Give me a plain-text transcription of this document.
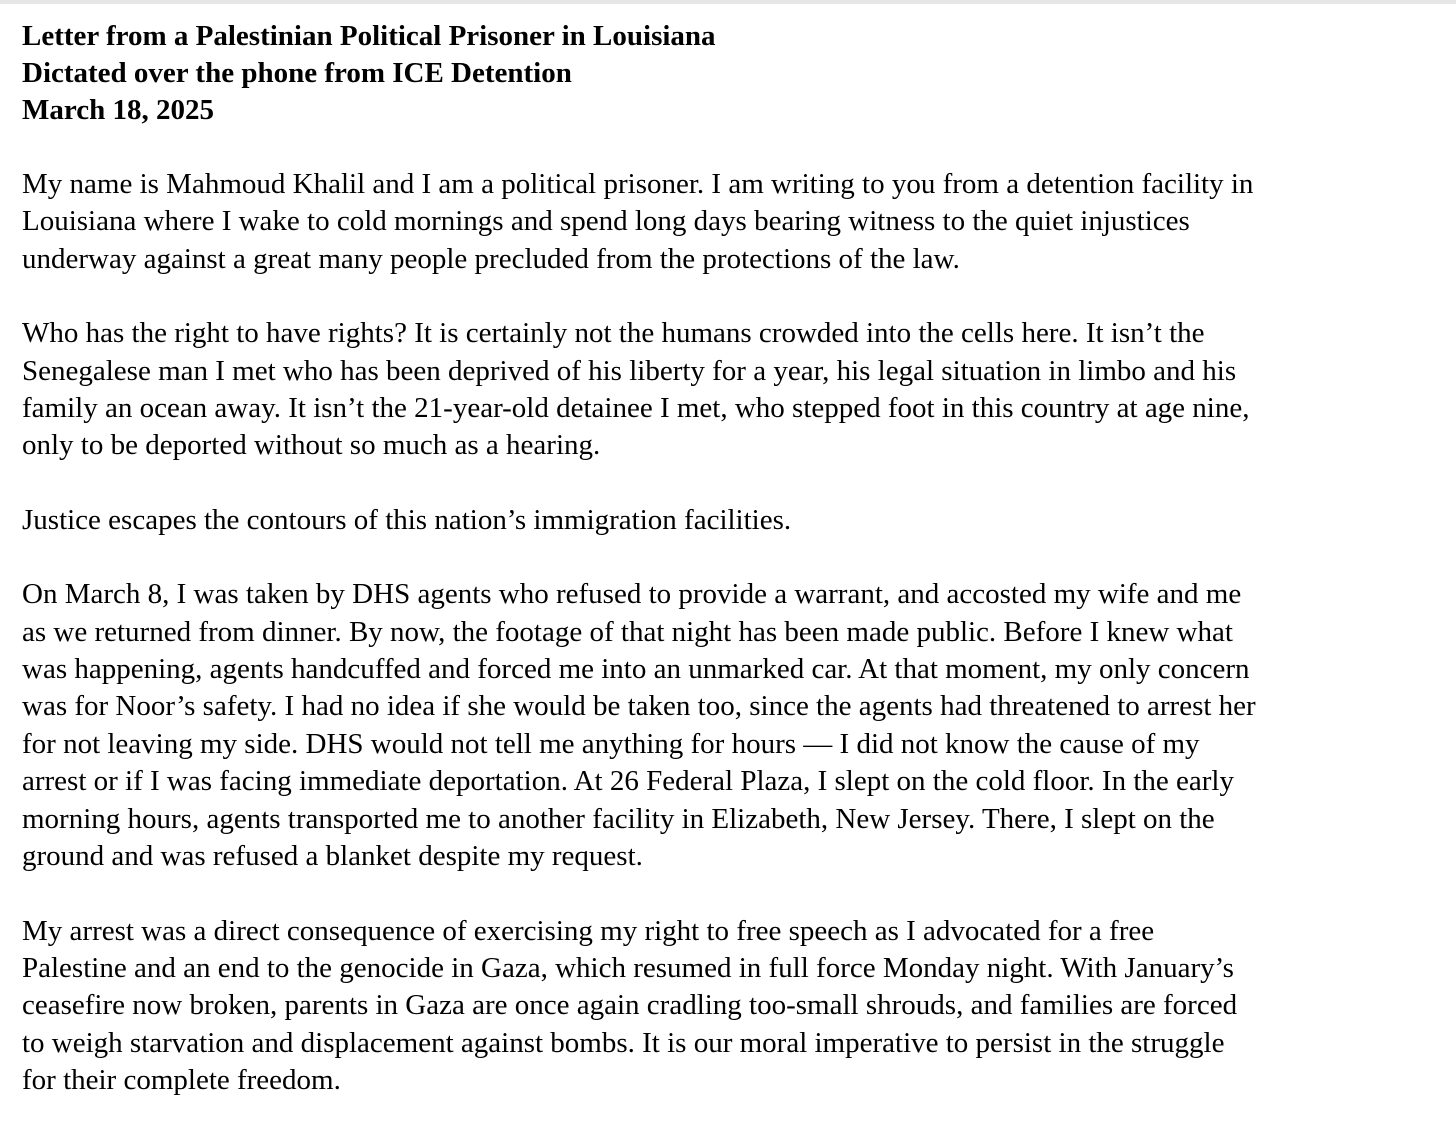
Letter from a Palestinian Political Prisoner in Louisiana
Dictated over the phone from ICE Detention
March 18, 2025
My name is Mahmoud Khalil and I am a political prisoner. I am writing to you from a detention facility in
Louisiana where I wake to cold mornings and spend long days bearing witness to the quiet injustices
underway against a great many people precluded from the protections of the law.
Who has the right to have rights? It is certainly not the humans crowded into the cells here. It isn’t the
Senegalese man I met who has been deprived of his liberty for a year, his legal situation in limbo and his
family an ocean away. It isn’t the 21-year-old detainee I met, who stepped foot in this country at age nine,
only to be deported without so much as a hearing.
Justice escapes the contours of this nation’s immigration facilities.
On March 8, I was taken by DHS agents who refused to provide a warrant, and accosted my wife and me
as we returned from dinner. By now, the footage of that night has been made public. Before I knew what
was happening, agents handcuffed and forced me into an unmarked car. At that moment, my only concern
was for Noor’s safety. I had no idea if she would be taken too, since the agents had threatened to arrest her
for not leaving my side. DHS would not tell me anything for hours — I did not know the cause of my
arrest or if I was facing immediate deportation. At 26 Federal Plaza, I slept on the cold floor. In the early
morning hours, agents transported me to another facility in Elizabeth, New Jersey. There, I slept on the
ground and was refused a blanket despite my request.
My arrest was a direct consequence of exercising my right to free speech as I advocated for a free
Palestine and an end to the genocide in Gaza, which resumed in full force Monday night. With January’s
ceasefire now broken, parents in Gaza are once again cradling too-small shrouds, and families are forced
to weigh starvation and displacement against bombs. It is our moral imperative to persist in the struggle
for their complete freedom.
